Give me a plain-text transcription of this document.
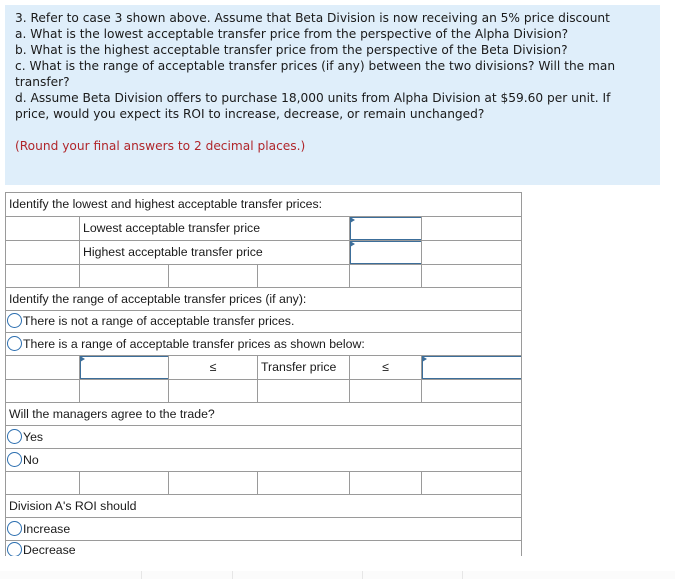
3. Refer to case 3 shown above. Assume that Beta Division is now receiving an 5% price discount
a. What is the lowest acceptable transfer price from the perspective of the Alpha Division?
b. What is the highest acceptable transfer price from the perspective of the Beta Division?
c. What is the range of acceptable transfer prices (if any) between the two divisions? Will the man
transfer?
d. Assume Beta Division offers to purchase 18,000 units from Alpha Division at $59.60 per unit. If
price, would you expect its ROI to increase, decrease, or remain unchanged?
(Round your final answers to 2 decimal places.)
Identify the lowest and highest acceptable transfer prices:
Lowest acceptable transfer price
Highest acceptable transfer price
Identify the range of acceptable transfer prices (if any):
There is not a range of acceptable transfer prices.
There is a range of acceptable transfer prices as shown below:
≤	Transfer price	≤
Will the managers agree to the trade?
Yes
No
Division A's ROI should
Increase
Decrease
